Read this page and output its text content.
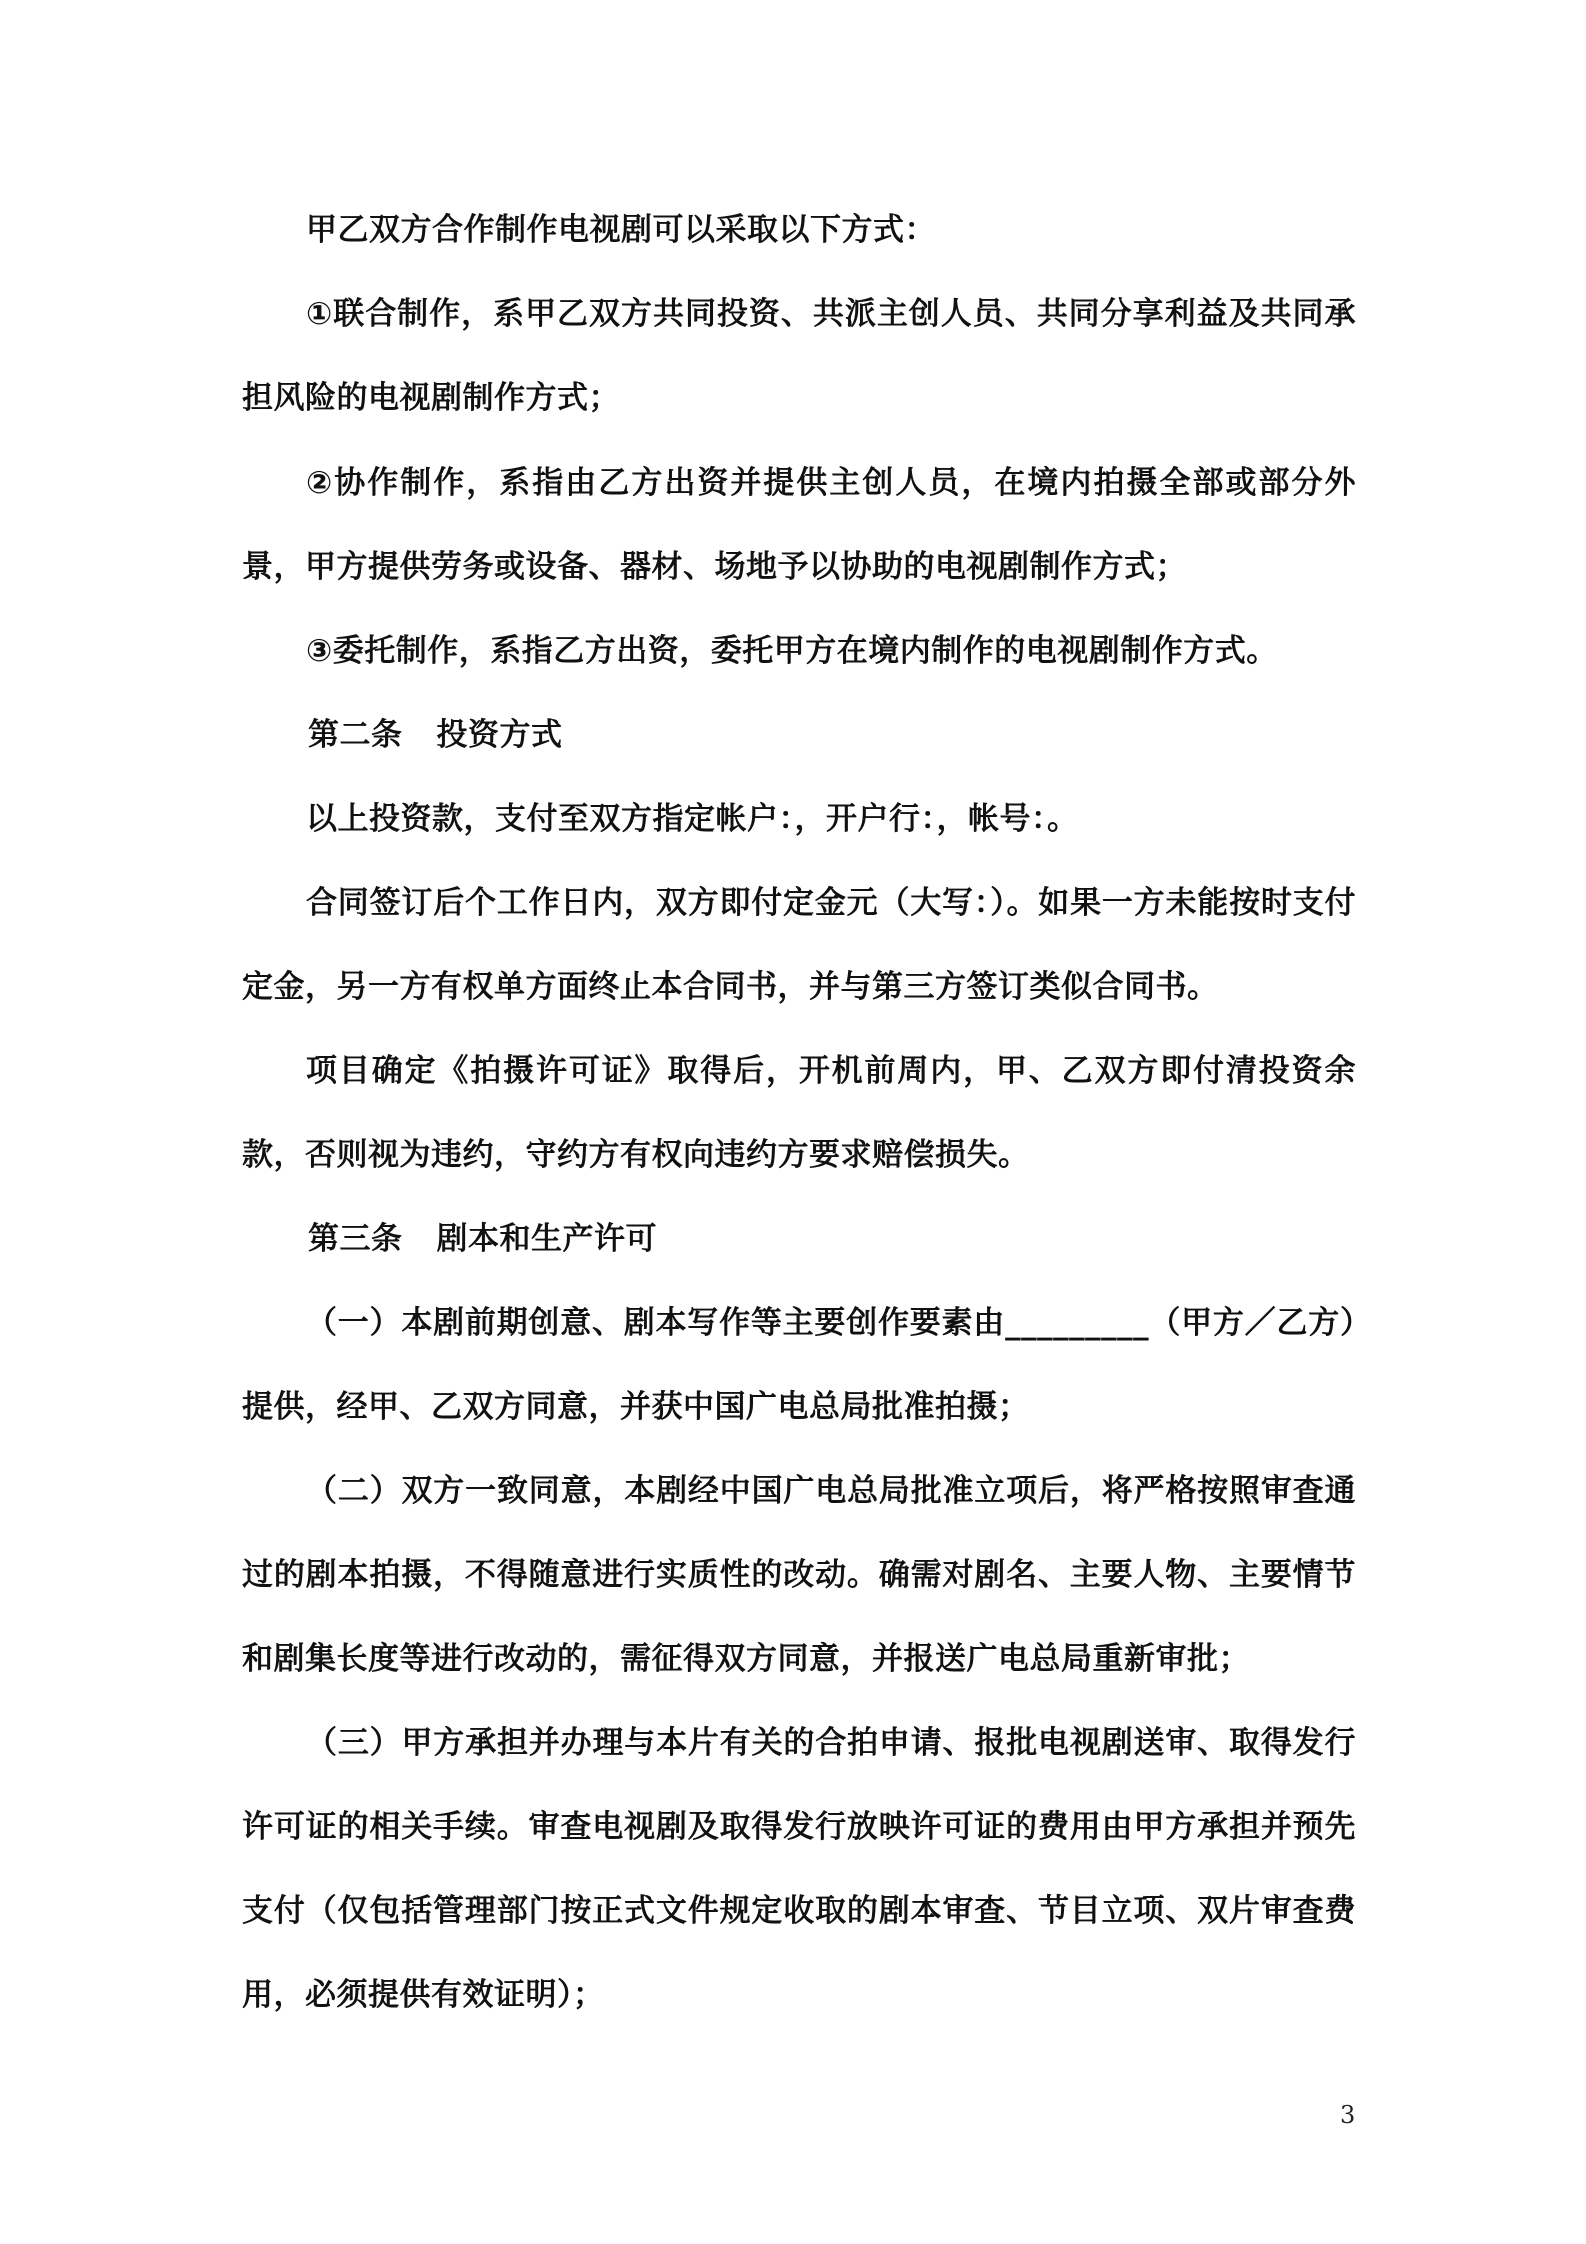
甲乙双方合作制作电视剧可以采取以下方式：

①联合制作，系甲乙双方共同投资、共派主创人员、共同分享利益及共同承担风险的电视剧制作方式；

②协作制作，系指由乙方出资并提供主创人员，在境内拍摄全部或部分外景，甲方提供劳务或设备、器材、场地予以协助的电视剧制作方式；

③委托制作，系指乙方出资，委托甲方在境内制作的电视剧制作方式。

第二条 投资方式

以上投资款，支付至双方指定帐户：，开户行：，帐号：。

合同签订后个工作日内，双方即付定金元（大写：）。如果一方未能按时支付定金，另一方有权单方面终止本合同书，并与第三方签订类似合同书。

项目确定《拍摄许可证》取得后，开机前周内，甲、乙双方即付清投资余款，否则视为违约，守约方有权向违约方要求赔偿损失。

第三条 剧本和生产许可

（一）本剧前期创意、剧本写作等主要创作要素由_________（甲方／乙方）提供，经甲、乙双方同意，并获中国广电总局批准拍摄；

（二）双方一致同意，本剧经中国广电总局批准立项后，将严格按照审查通过的剧本拍摄，不得随意进行实质性的改动。确需对剧名、主要人物、主要情节和剧集长度等进行改动的，需征得双方同意，并报送广电总局重新审批；

（三）甲方承担并办理与本片有关的合拍申请、报批电视剧送审、取得发行许可证的相关手续。审查电视剧及取得发行放映许可证的费用由甲方承担并预先支付（仅包括管理部门按正式文件规定收取的剧本审查、节目立项、双片审查费用，必须提供有效证明）；

3
